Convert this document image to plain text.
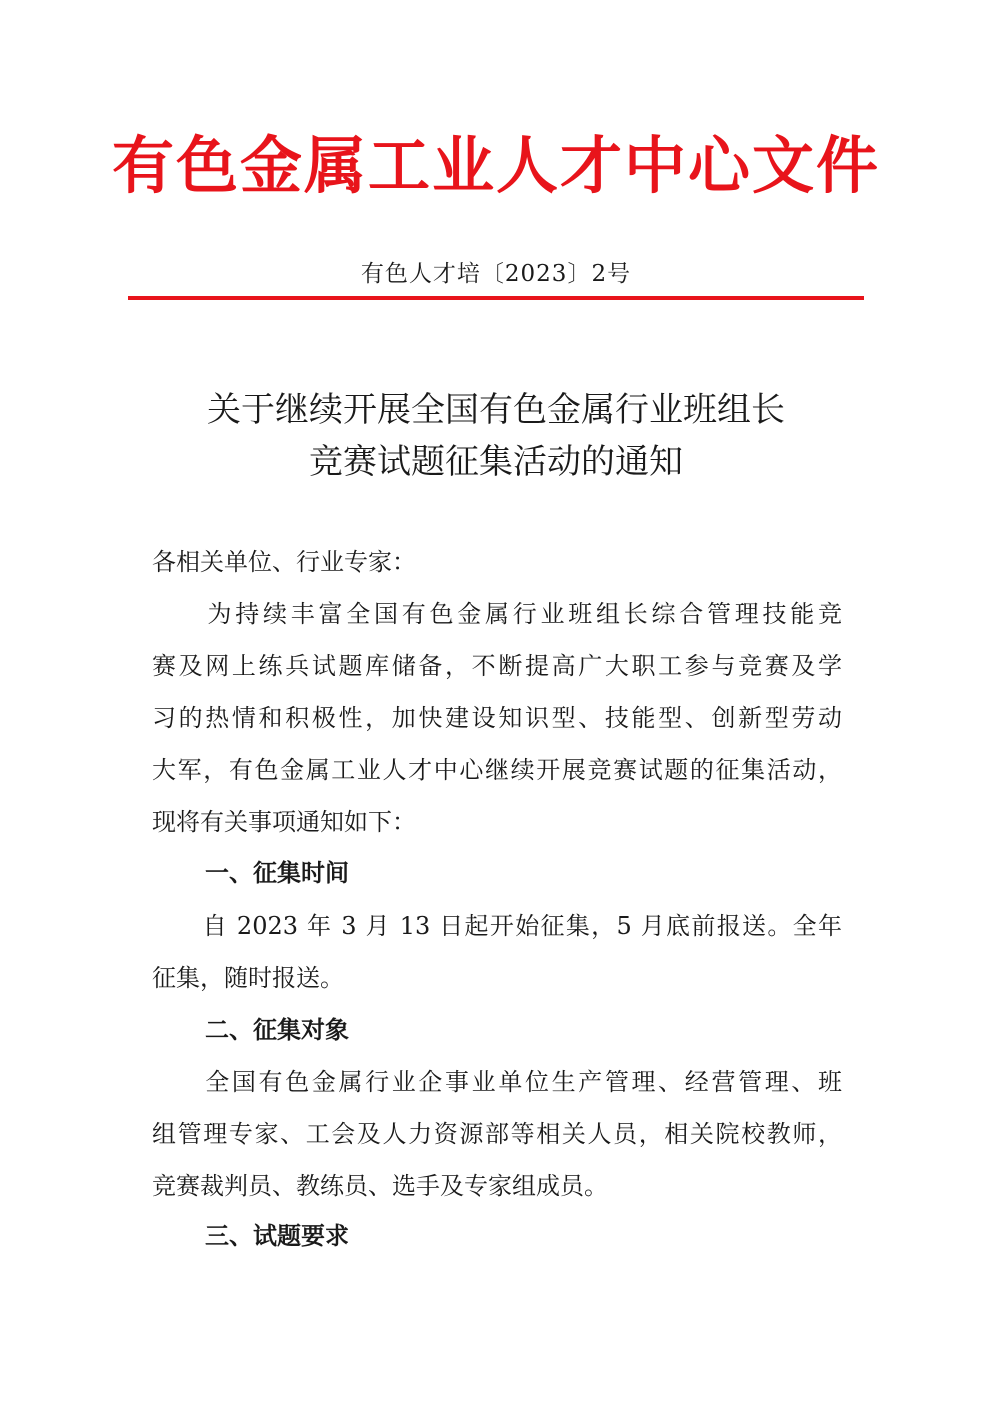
有色金属工业人才中心文件
有色人才培〔2023〕2号
关于继续开展全国有色金属行业班组长
竞赛试题征集活动的通知
各相关单位、行业专家：
　　为持续丰富全国有色金属行业班组长综合管理技能竞
赛及网上练兵试题库储备，不断提高广大职工参与竞赛及学
习的热情和积极性，加快建设知识型、技能型、创新型劳动
大军，有色金属工业人才中心继续开展竞赛试题的征集活动，
现将有关事项通知如下：
一、征集时间
　　自 2023 年 3 月 13 日起开始征集，5 月底前报送。全年
征集，随时报送。
二、征集对象
　　全国有色金属行业企事业单位生产管理、经营管理、班
组管理专家、工会及人力资源部等相关人员，相关院校教师，
竞赛裁判员、教练员、选手及专家组成员。
三、试题要求
